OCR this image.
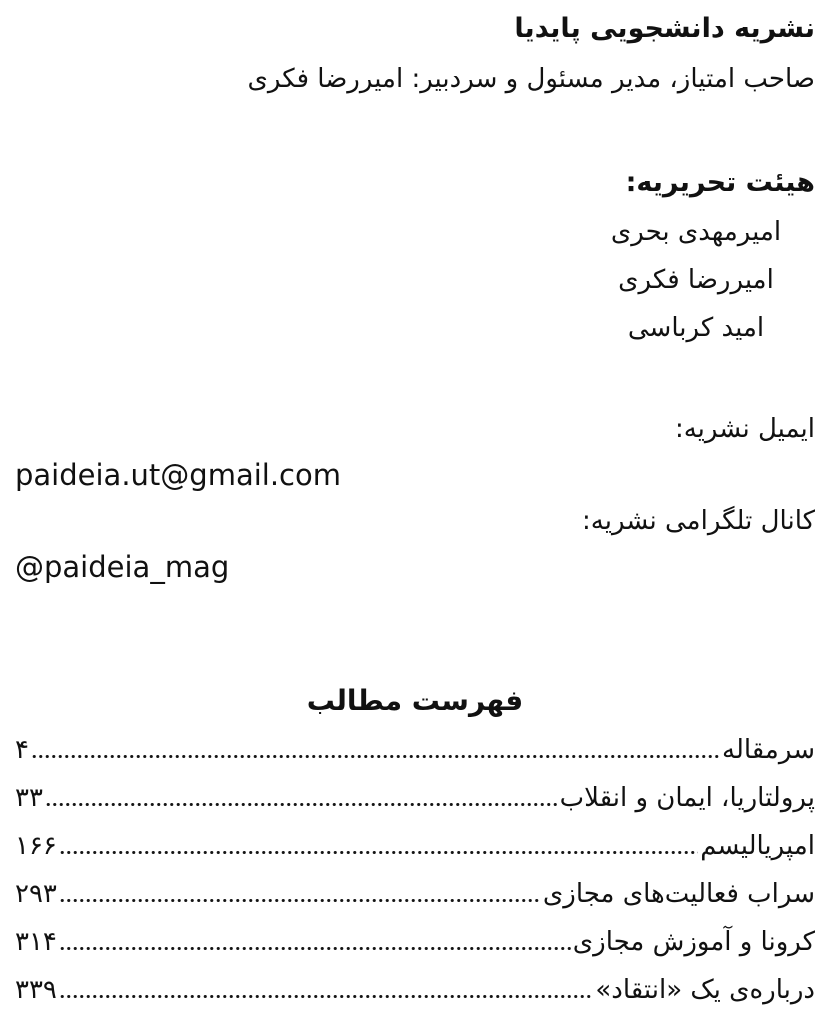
نشریه دانشجویی پایدیا
صاحب امتیاز، مدیر مسئول و سردبیر: امیررضا فکری
هیئت تحریریه:
امیرمهدی بحری
امیررضا فکری
امید کرباسی
ایمیل نشریه:
paideia.ut@gmail.com
کانال تلگرامی نشریه:
@paideia_mag
فهرست مطالب
سرمقاله
۴
پرولتاریا، ایمان و انقلاب
۳۳
امپریالیسم
۱۶۶
سراب فعالیت‌های مجازی
۲۹۳
کرونا و آموزش مجازی
۳۱۴
درباره‌ی یک «انتقاد»
۳۳۹
